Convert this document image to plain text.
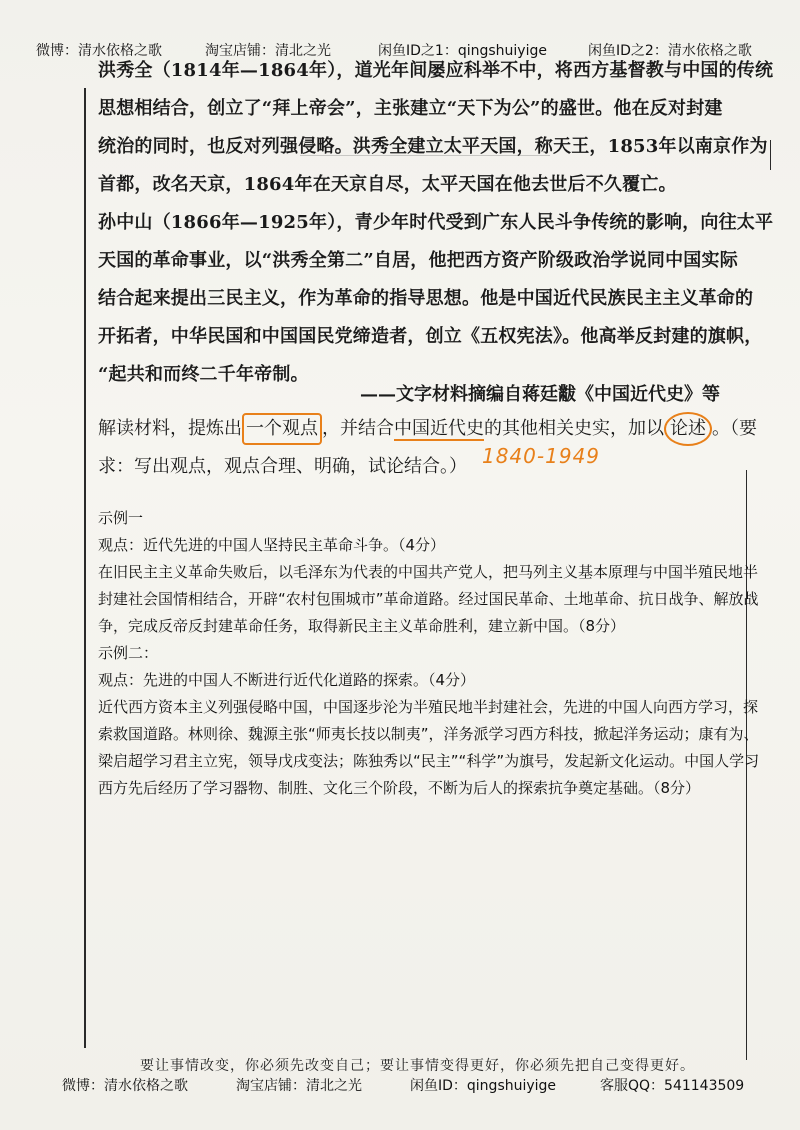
微博：清水依格之歌	淘宝店铺：清北之光	闲鱼ID之1：qingshuiyige	闲鱼ID之2：清水依格之歌

洪秀全（1814年—1864年），道光年间屡应科举不中，将西方基督教与中国的传统

思想相结合，创立了“拜上帝会”，主张建立“天下为公”的盛世。他在反对封建

统治的同时，也反对列强侵略。洪秀全建立太平天国，称天王，1853年以南京作为

首都，改名天京，1864年在天京自尽，太平天国在他去世后不久覆亡。

孙中山（1866年—1925年），青少年时代受到广东人民斗争传统的影响，向往太平

天国的革命事业，以“洪秀全第二”自居，他把西方资产阶级政治学说同中国实际

结合起来提出三民主义，作为革命的指导思想。他是中国近代民族民主主义革命的

开拓者，中华民国和中国国民党缔造者，创立《五权宪法》。他高举反封建的旗帜，

“起共和而终二千年帝制。

——文字材料摘编自蒋廷黻《中国近代史》等

解读材料，提炼出 一个观点 ，并结合中国近代史的其他相关史实，加以 论述 。（要

求：写出观点，观点合理、明确，试论结合。） 1840-1949

示例一

观点：近代先进的中国人坚持民主革命斗争。（4分）

在旧民主主义革命失败后，以毛泽东为代表的中国共产党人，把马列主义基本原理与中国半殖民地半封建社会国情相结合，开辟“农村包围城市”革命道路。经过国民革命、土地革命、抗日战争、解放战争，完成反帝反封建革命任务，取得新民主主义革命胜利，建立新中国。（8分）

示例二：

观点：先进的中国人不断进行近代化道路的探索。（4分）

近代西方资本主义列强侵略中国，中国逐步沦为半殖民地半封建社会，先进的中国人向西方学习，探索救国道路。林则徐、魏源主张“师夷长技以制夷”，洋务派学习西方科技，掀起洋务运动；康有为、梁启超学习君主立宪，领导戊戌变法；陈独秀以“民主”“科学”为旗号，发起新文化运动。中国人学习西方先后经历了学习器物、制胜、文化三个阶段，不断为后人的探索抗争奠定基础。（8分）

要让事情改变，你必须先改变自己；要让事情变得更好，你必须先把自己变得更好。
微博：清水依格之歌	淘宝店铺：清北之光	闲鱼ID：qingshuiyige	客服QQ：541143509
